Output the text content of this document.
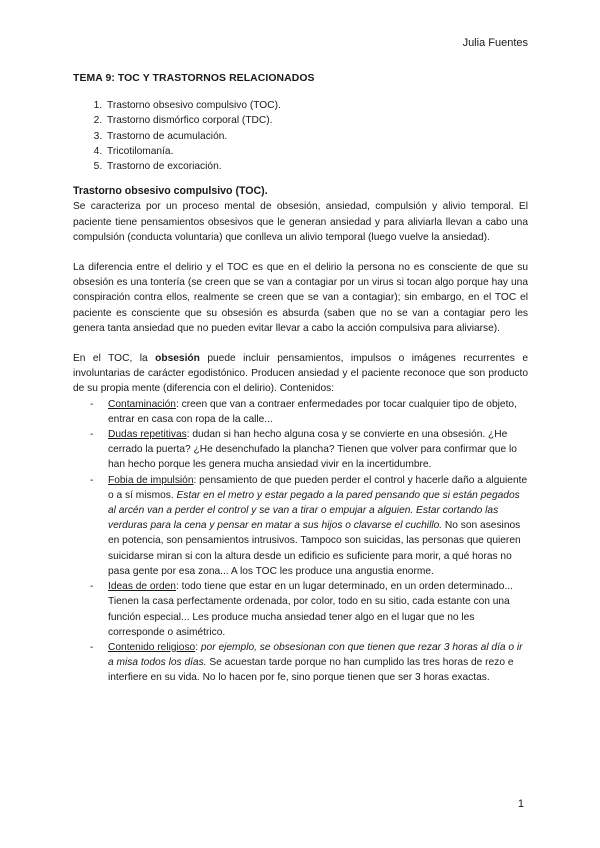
Julia Fuentes
TEMA 9: TOC Y TRASTORNOS RELACIONADOS
1. Trastorno obsesivo compulsivo (TOC).
2. Trastorno dismórfico corporal (TDC).
3. Trastorno de acumulación.
4. Tricotilomanía.
5. Trastorno de excoriación.
Trastorno obsesivo compulsivo (TOC).

Se caracteriza por un proceso mental de obsesión, ansiedad, compulsión y alivio temporal. El paciente tiene pensamientos obsesivos que le generan ansiedad y para aliviarla llevan a cabo una compulsión (conducta voluntaria) que conlleva un alivio temporal (luego vuelve la ansiedad).

La diferencia entre el delirio y el TOC es que en el delirio la persona no es consciente de que su obsesión es una tontería (se creen que se van a contagiar por un virus si tocan algo porque hay una conspiración contra ellos, realmente se creen que se van a contagiar); sin embargo, en el TOC el paciente es consciente que su obsesión es absurda (saben que no se van a contagiar pero les genera tanta ansiedad que no pueden evitar llevar a cabo la acción compulsiva para aliviarse).

En el TOC, la obsesión puede incluir pensamientos, impulsos o imágenes recurrentes e involuntarias de carácter egodistónico. Producen ansiedad y el paciente reconoce que son producto de su propia mente (diferencia con el delirio). Contenidos:

- Contaminación: creen que van a contraer enfermedades por tocar cualquier tipo de objeto, entrar en casa con ropa de la calle...
- Dudas repetitivas: dudan si han hecho alguna cosa y se convierte en una obsesión. ¿He cerrado la puerta? ¿He desenchufado la plancha? Tienen que volver para confirmar que lo han hecho porque les genera mucha ansiedad vivir en la incertidumbre.
- Fobia de impulsión: pensamiento de que pueden perder el control y hacerle daño a alguiente o a sí mismos. Estar en el metro y estar pegado a la pared pensando que si están pegados al arcén van a perder el control y se van a tirar o empujar a alguien. Estar cortando las verduras para la cena y pensar en matar a sus hijos o clavarse el cuchillo. No son asesinos en potencia, son pensamientos intrusivos. Tampoco son suicidas, las personas que quieren suicidarse miran si con la altura desde un edificio es suficiente para morir, a qué horas no pasa gente por esa zona... A los TOC les produce una angustia enorme.
- Ideas de orden: todo tiene que estar en un lugar determinado, en un orden determinado... Tienen la casa perfectamente ordenada, por color, todo en su sitio, cada estante con una función especial... Les produce mucha ansiedad tener algo en el lugar que no les corresponde o asimétrico.
- Contenido religioso: por ejemplo, se obsesionan con que tienen que rezar 3 horas al día o ir a misa todos los días. Se acuestan tarde porque no han cumplido las tres horas de rezo e interfiere en su vida. No lo hacen por fe, sino porque tienen que ser 3 horas exactas.
1
